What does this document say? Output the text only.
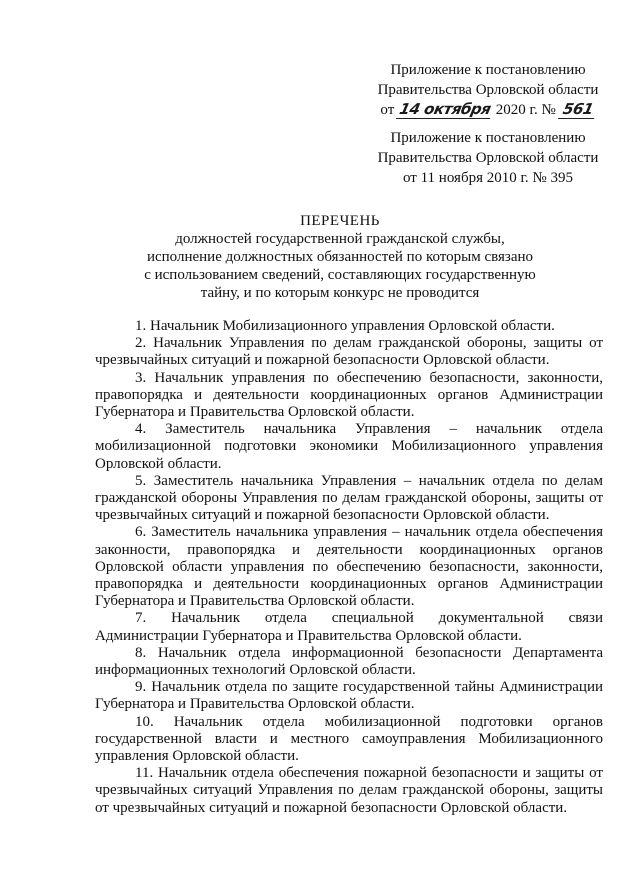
Приложение к постановлению
Правительства Орловской области
от 14 октября 2020 г. № 561
Приложение к постановлению
Правительства Орловской области
от 11 ноября 2010 г. № 395
ПЕРЕЧЕНЬ
должностей государственной гражданской службы,
исполнение должностных обязанностей по которым связано
с использованием сведений, составляющих государственную
тайну, и по которым конкурс не проводится

1. Начальник Мобилизационного управления Орловской области.

2. Начальник Управления по делам гражданской обороны, защиты от чрезвычайных ситуаций и пожарной безопасности Орловской области.

3. Начальник управления по обеспечению безопасности, законности, правопорядка и деятельности координационных органов Администрации Губернатора и Правительства Орловской области.

4. Заместитель начальника Управления – начальник отдела мобилизационной подготовки экономики Мобилизационного управления Орловской области.

5. Заместитель начальника Управления – начальник отдела по делам гражданской обороны Управления по делам гражданской обороны, защиты от чрезвычайных ситуаций и пожарной безопасности Орловской области.

6. Заместитель начальника управления – начальник отдела обеспечения законности, правопорядка и деятельности координационных органов Орловской области управления по обеспечению безопасности, законности, правопорядка и деятельности координационных органов Администрации Губернатора и Правительства Орловской области.

7. Начальник отдела специальной документальной связи Администрации Губернатора и Правительства Орловской области.

8. Начальник отдела информационной безопасности Департамента информационных технологий Орловской области.

9. Начальник отдела по защите государственной тайны Администрации Губернатора и Правительства Орловской области.

10. Начальник отдела мобилизационной подготовки органов государственной власти и местного самоуправления Мобилизационного управления Орловской области.

11. Начальник отдела обеспечения пожарной безопасности и защиты от чрезвычайных ситуаций Управления по делам гражданской обороны, защиты от чрезвычайных ситуаций и пожарной безопасности Орловской области.
